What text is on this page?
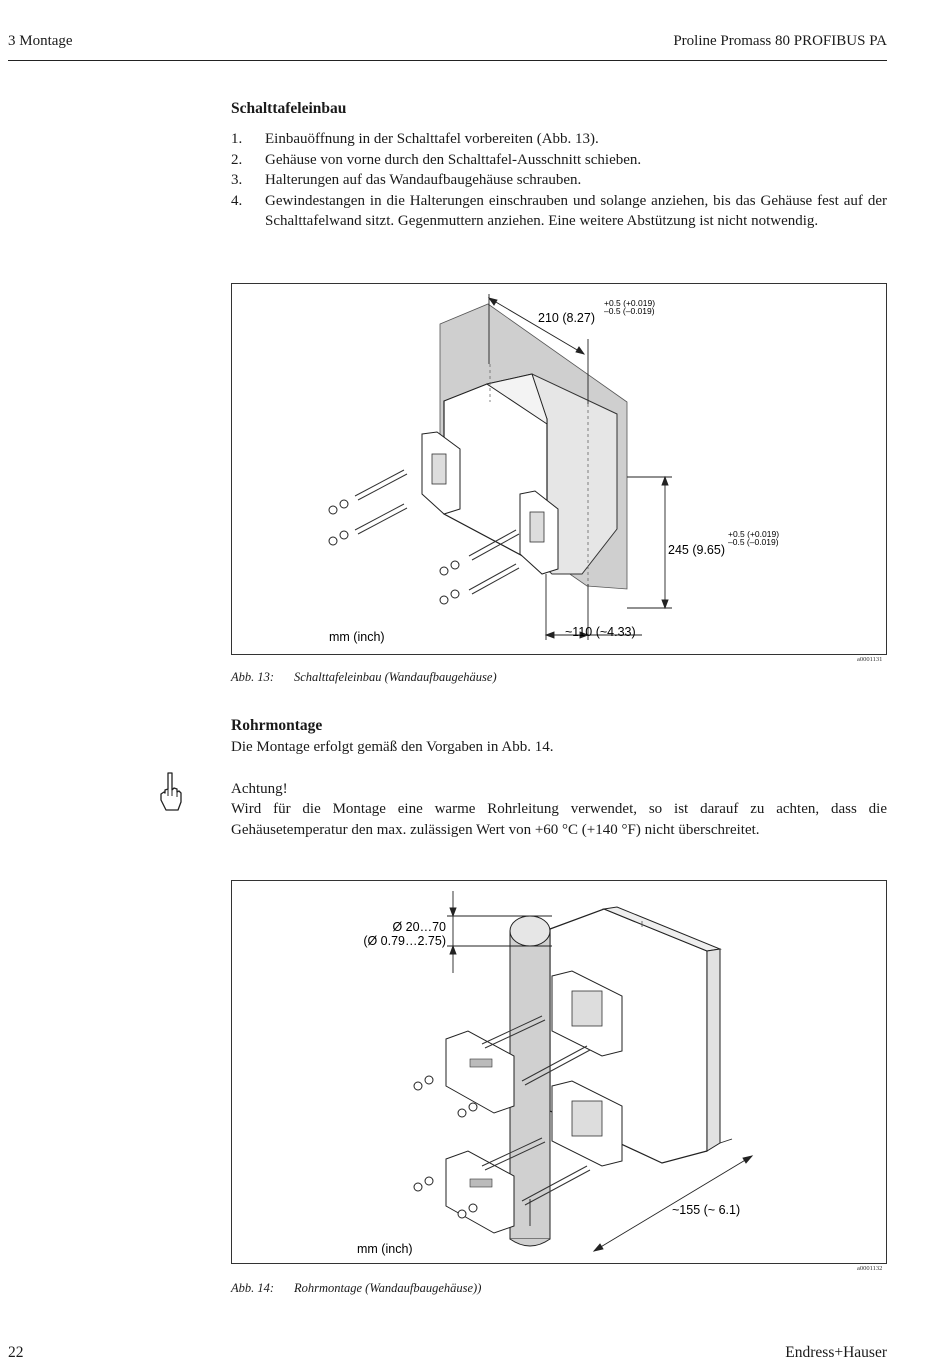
3 Montage	Proline Promass 80 PROFIBUS PA
Schalttafeleinbau
1. Einbauöffnung in der Schalttafel vorbereiten (Abb. 13).
2. Gehäuse von vorne durch den Schalttafel-Ausschnitt schieben.
3. Halterungen auf das Wandaufbaugehäuse schrauben.
4. Gewindestangen in die Halterungen einschrauben und solange anziehen, bis das Gehäuse fest auf der Schalttafelwand sitzt. Gegenmuttern anziehen. Eine weitere Abstützung ist nicht notwendig.
210 (8.27)
+0.5 (+0.019)
–0.5 (–0.019)
245 (9.65)
+0.5 (+0.019)
–0.5 (–0.019)
~110 (~4.33)
mm (inch)
a0001131
Abb. 13: Schalttafeleinbau (Wandaufbaugehäuse)
Rohrmontage
Die Montage erfolgt gemäß den Vorgaben in Abb. 14.
Achtung!
Wird für die Montage eine warme Rohrleitung verwendet, so ist darauf zu achten, dass die Gehäusetemperatur den max. zulässigen Wert von +60 °C (+140 °F) nicht überschreitet.
Ø 20…70
(Ø 0.79…2.75)
~155 (~ 6.1)
mm (inch)
a0001132
Abb. 14: Rohrmontage (Wandaufbaugehäuse))
22	Endress+Hauser
